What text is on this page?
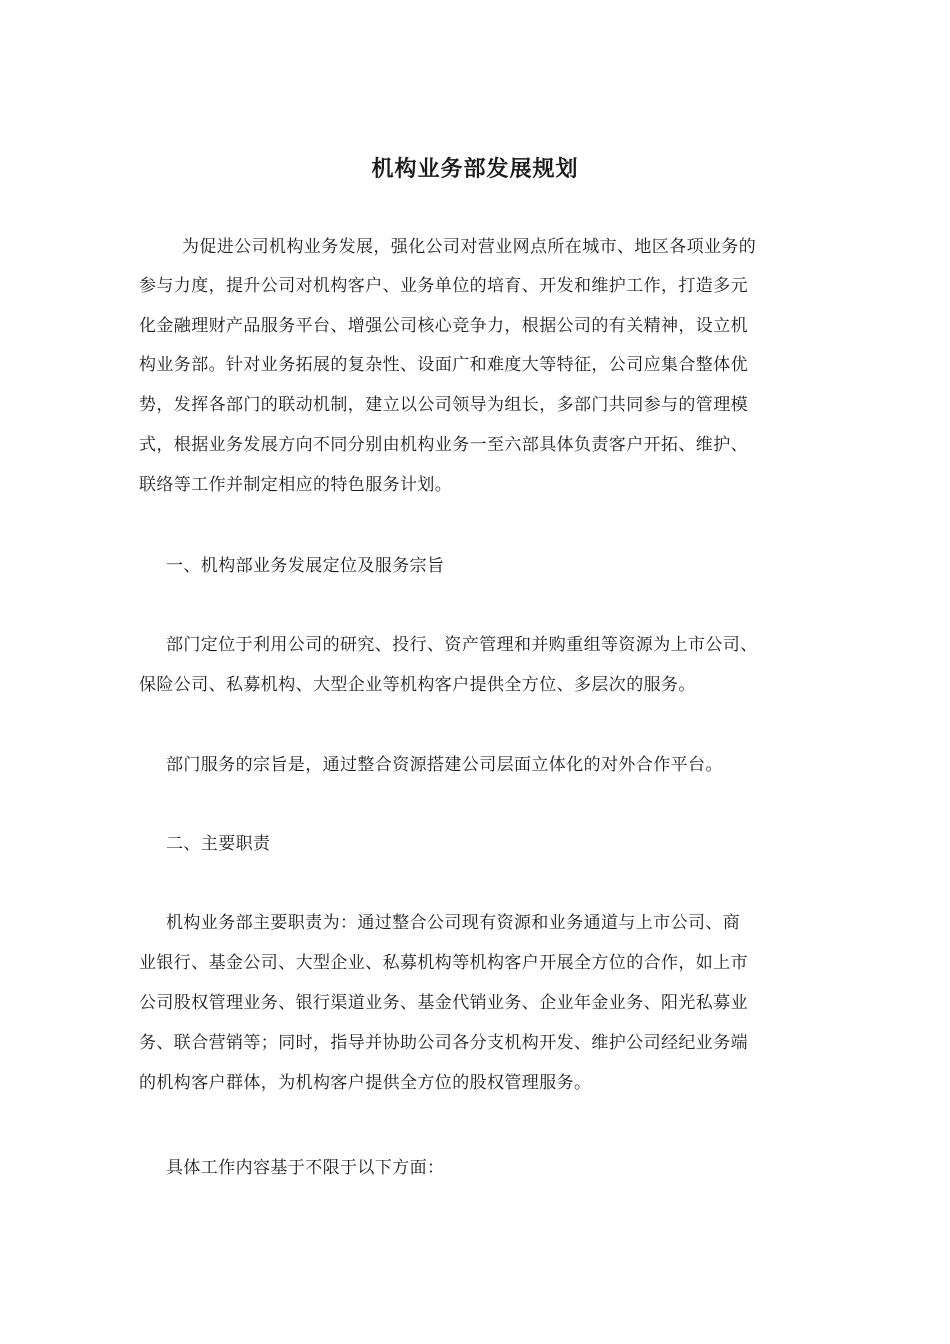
机构业务部发展规划
为促进公司机构业务发展，强化公司对营业网点所在城市、地区各项业务的
参与力度，提升公司对机构客户、业务单位的培育、开发和维护工作，打造多元
化金融理财产品服务平台、增强公司核心竞争力，根据公司的有关精神，设立机
构业务部。针对业务拓展的复杂性、设面广和难度大等特征，公司应集合整体优
势，发挥各部门的联动机制，建立以公司领导为组长，多部门共同参与的管理模
式，根据业务发展方向不同分别由机构业务一至六部具体负责客户开拓、维护、
联络等工作并制定相应的特色服务计划。
一、机构部业务发展定位及服务宗旨
部门定位于利用公司的研究、投行、资产管理和并购重组等资源为上市公司、
保险公司、私募机构、大型企业等机构客户提供全方位、多层次的服务。
部门服务的宗旨是，通过整合资源搭建公司层面立体化的对外合作平台。
二、主要职责
机构业务部主要职责为：通过整合公司现有资源和业务通道与上市公司、商
业银行、基金公司、大型企业、私募机构等机构客户开展全方位的合作，如上市
公司股权管理业务、银行渠道业务、基金代销业务、企业年金业务、阳光私募业
务、联合营销等；同时，指导并协助公司各分支机构开发、维护公司经纪业务端
的机构客户群体，为机构客户提供全方位的股权管理服务。
具体工作内容基于不限于以下方面：
